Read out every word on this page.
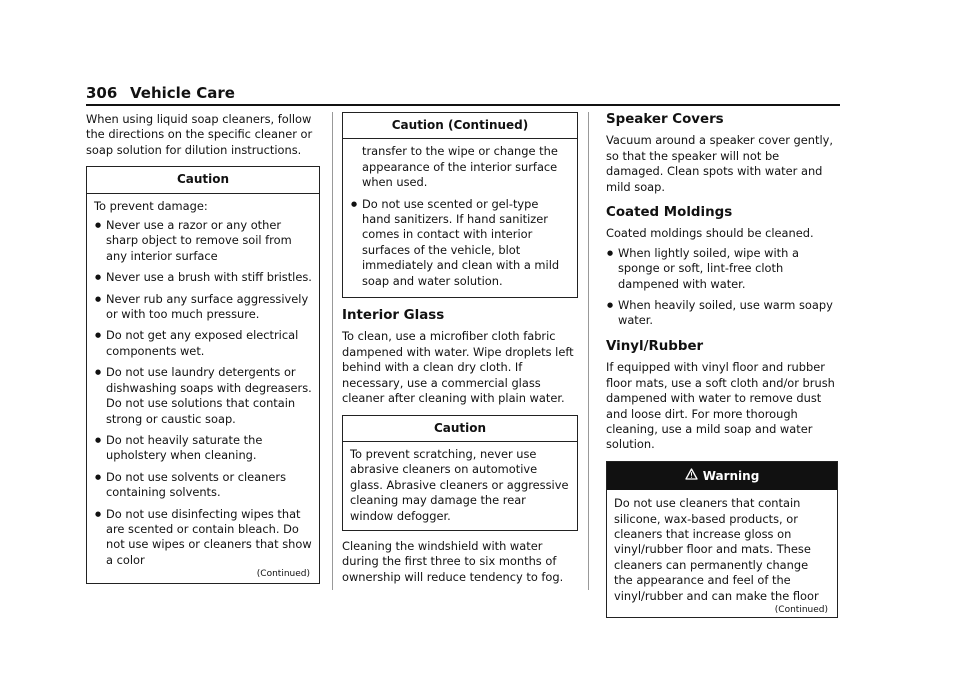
306 Vehicle Care

When using liquid soap cleaners, follow the directions on the specific cleaner or soap solution for dilution instructions.

Caution
To prevent damage:
● Never use a razor or any other sharp object to remove soil from any interior surface
● Never use a brush with stiff bristles.
● Never rub any surface aggressively or with too much pressure.
● Do not get any exposed electrical components wet.
● Do not use laundry detergents or dishwashing soaps with degreasers. Do not use solutions that contain strong or caustic soap.
● Do not heavily saturate the upholstery when cleaning.
● Do not use solvents or cleaners containing solvents.
● Do not use disinfecting wipes that are scented or contain bleach. Do not use wipes or cleaners that show a color
(Continued)
Caution (Continued)
transfer to the wipe or change the appearance of the interior surface when used.
● Do not use scented or gel-type hand sanitizers. If hand sanitizer comes in contact with interior surfaces of the vehicle, blot immediately and clean with a mild soap and water solution.
Interior Glass

To clean, use a microfiber cloth fabric dampened with water. Wipe droplets left behind with a clean dry cloth. If necessary, use a commercial glass cleaner after cleaning with plain water.

Caution
To prevent scratching, never use abrasive cleaners on automotive glass. Abrasive cleaners or aggressive cleaning may damage the rear window defogger.

Cleaning the windshield with water during the first three to six months of ownership will reduce tendency to fog.

Speaker Covers

Vacuum around a speaker cover gently, so that the speaker will not be damaged. Clean spots with water and mild soap.

Coated Moldings

Coated moldings should be cleaned.

● When lightly soiled, wipe with a sponge or soft, lint-free cloth dampened with water.
● When heavily soiled, use warm soapy water.
Vinyl/Rubber

If equipped with vinyl floor and rubber floor mats, use a soft cloth and/or brush dampened with water to remove dust and loose dirt. For more thorough cleaning, use a mild soap and water solution.

Warning
Do not use cleaners that contain silicone, wax-based products, or cleaners that increase gloss on vinyl/rubber floor and mats. These cleaners can permanently change the appearance and feel of the vinyl/rubber and can make the floor
(Continued)
